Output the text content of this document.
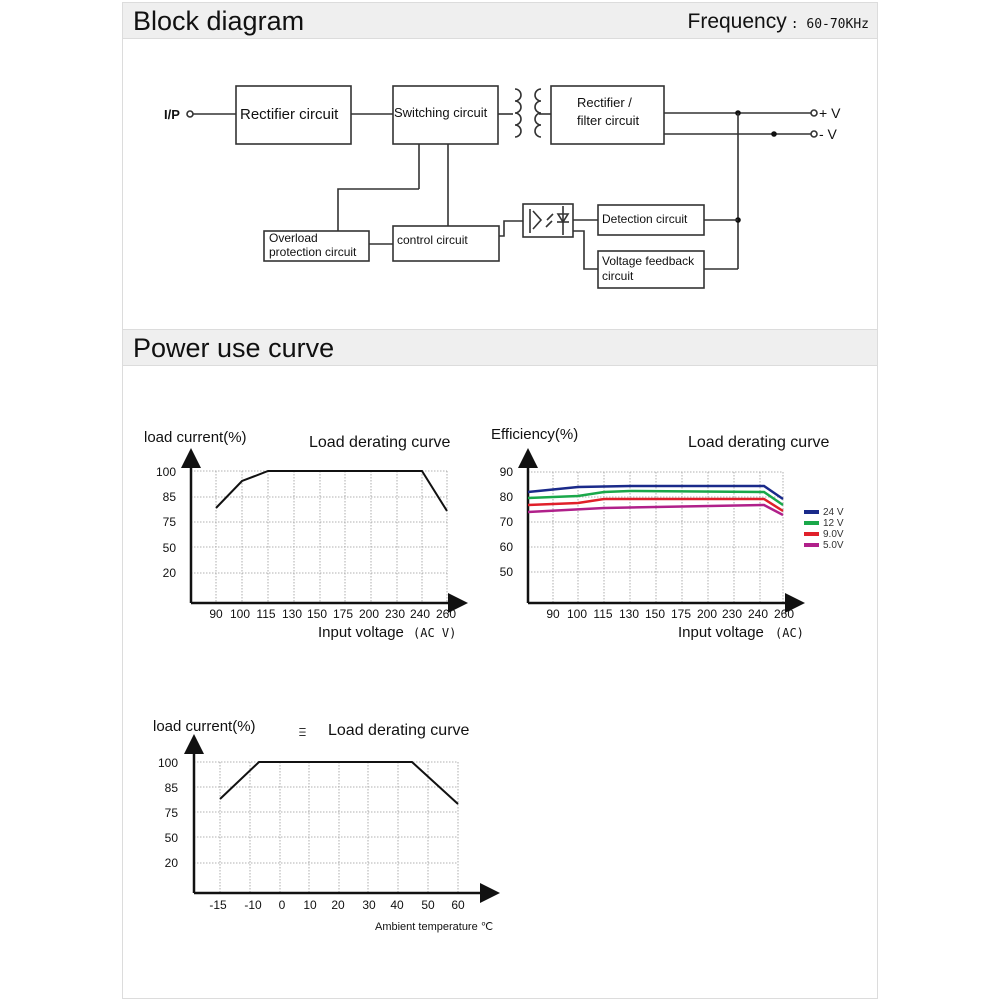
Block diagram	Frequency : 60-70KHz
I/P	Rectifier circuit	Switching circuit
Rectifier /
filter circuit	+ V
- V
Overload
protection circuit
control circuit
Detection circuit
Voltage feedback
circuit
Power use curve
100
85
75
50
20
90 100 115 130 150 175 200 230 240 260
load current(%)	Load derating curve
Input voltage (AC V)
90
80
70
60
50
90 100 115 130 150 175 200 230 240 260
Efficiency(%)	Load derating curve
Input voltage (AC)
24 V
12 V
9.0V
5.0V
100
85
75
50
20
-15 -10 0 10 20 30 40 50 60
load current(%)	Ⲷ Load derating curve
Ambient temperature ℃
